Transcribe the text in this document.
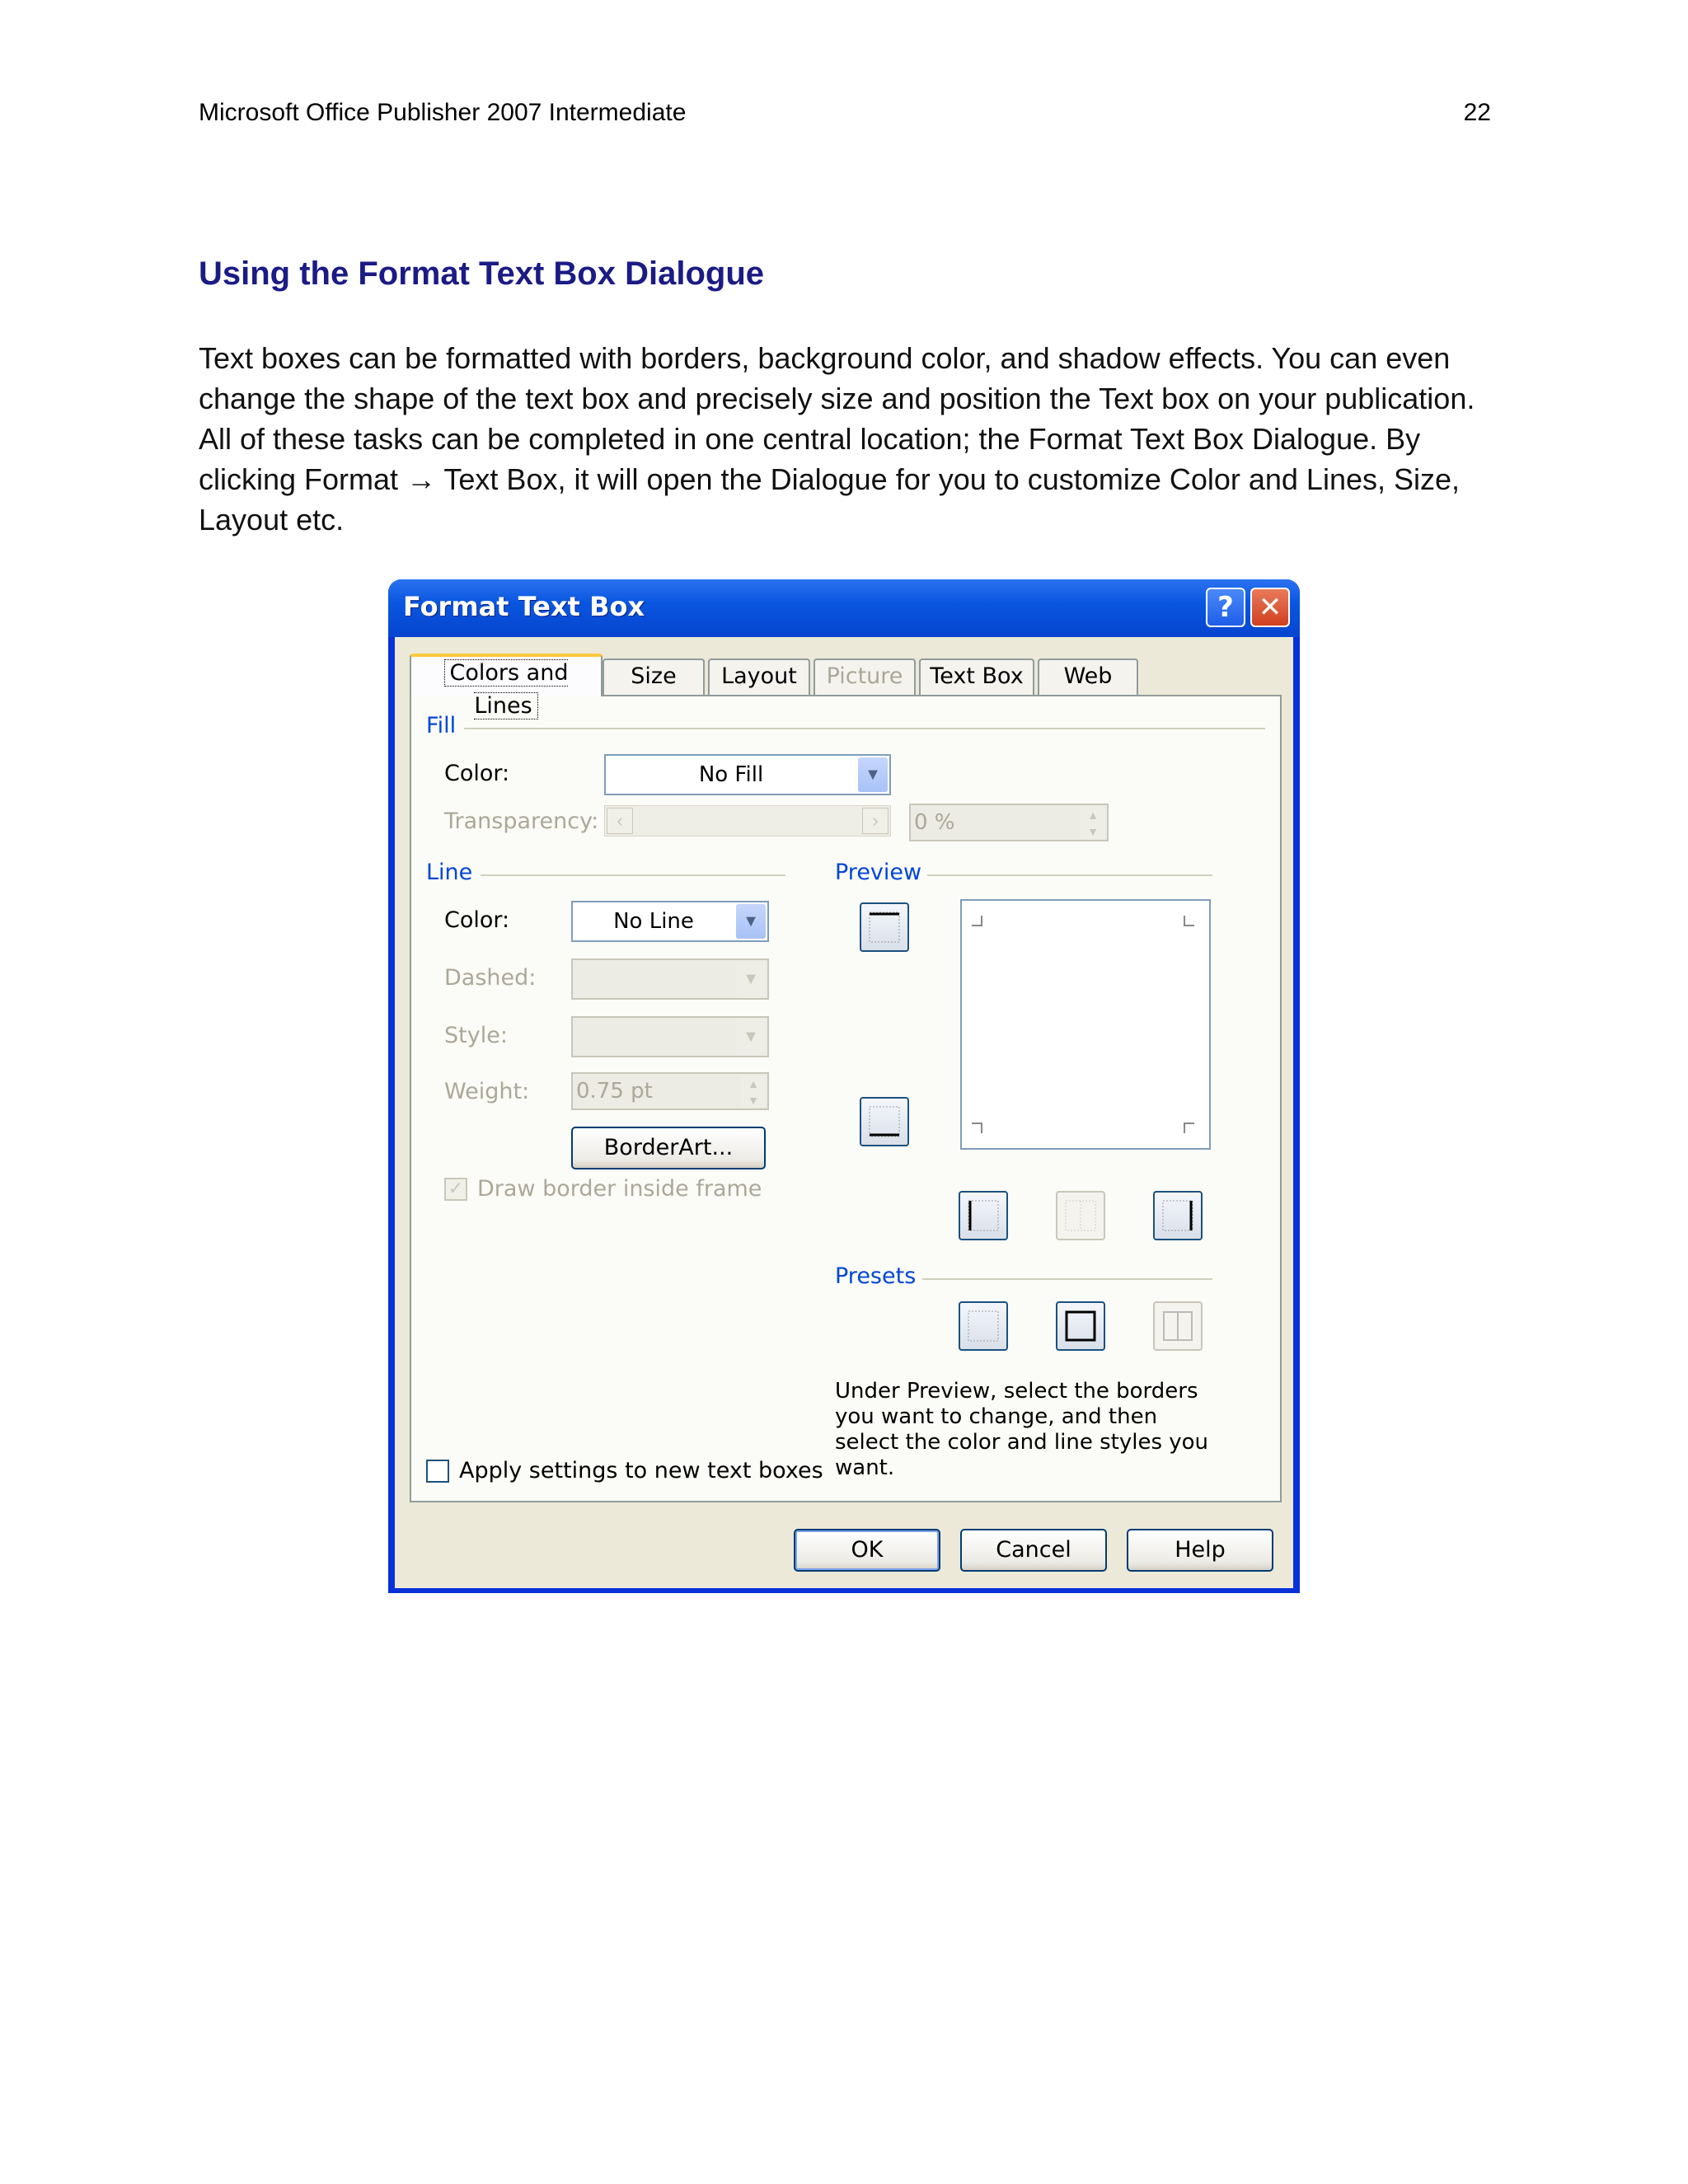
Microsoft Office Publisher 2007 Intermediate	22
Using the Format Text Box Dialogue
Text boxes can be formatted with borders, background color, and shadow effects. You can even change the shape of the text box and precisely size and position the Text box on your publication. All of these tasks can be completed in one central location; the Format Text Box Dialogue. By clicking Format → Text Box, it will open the Dialogue for you to customize Color and Lines, Size, Layout etc.
Format Text Box	? ✕
Colors and Lines
Size	Layout	Picture	Text Box	Web
Fill
Color:	No Fill	▼
Transparency:	‹	›	0 %	▲
▼
Line
Color:	No Line	▼
Dashed:	▼
Style:	▼
Weight: 0.75 pt	▲
▼
BorderArt...
✓ Draw border inside frame
Preview
Presets
Under Preview, select the borders you want to change, and then select the color and line styles you want.
Apply settings to new text boxes
OK	Cancel	Help
